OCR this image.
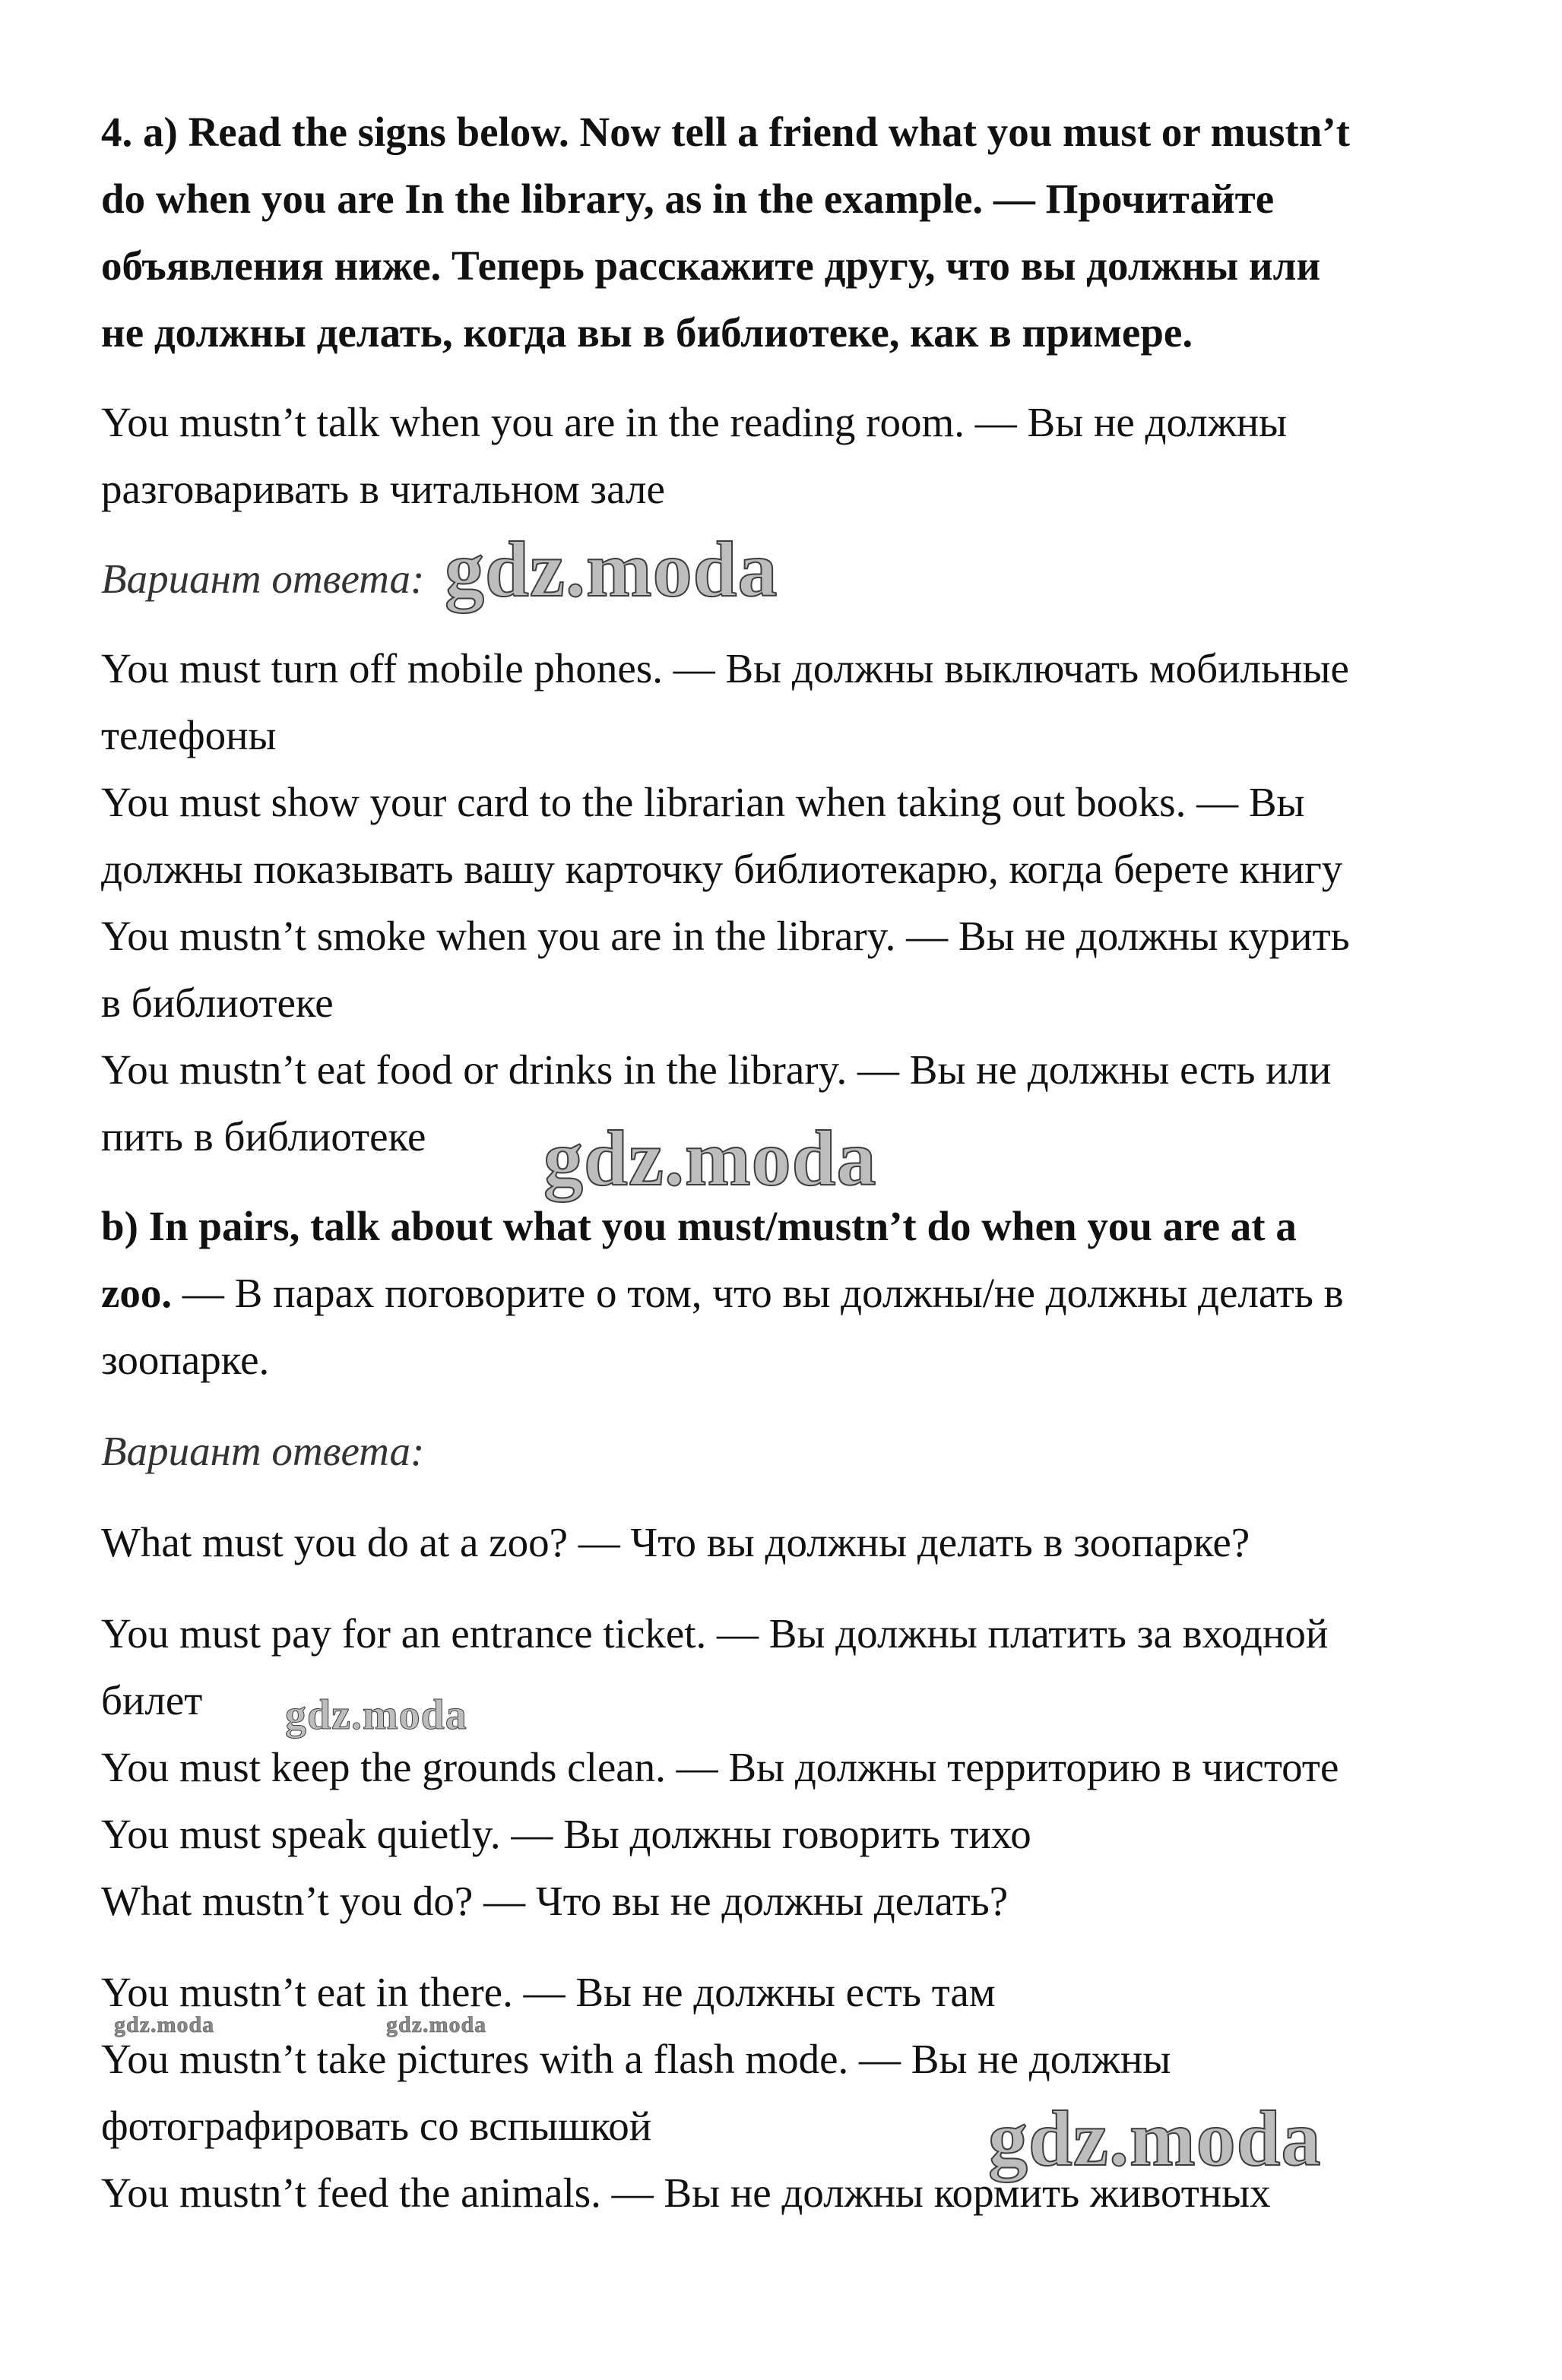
4. a) Read the signs below. Now tell a friend what you must or mustn’t
do when you are In the library, as in the example. — Прочитайте
объявления ниже. Теперь расскажите другу, что вы должны или
не должны делать, когда вы в библиотеке, как в примере.
You mustn’t talk when you are in the reading room. — Вы не должны
разговаривать в читальном зале
Вариант ответа:
You must turn off mobile phones. — Вы должны выключать мобильные
телефоны
You must show your card to the librarian when taking out books. — Вы
должны показывать вашу карточку библиотекарю, когда берете книгу
You mustn’t smoke when you are in the library. — Вы не должны курить
в библиотеке
You mustn’t eat food or drinks in the library. — Вы не должны есть или
пить в библиотеке
b) In pairs, talk about what you must/mustn’t do when you are at a
zoo. — В парах поговорите о том, что вы должны/не должны делать в
зоопарке.
Вариант ответа:
What must you do at a zoo? — Что вы должны делать в зоопарке?
You must pay for an entrance ticket. — Вы должны платить за входной
билет
You must keep the grounds clean. — Вы должны территорию в чистоте
You must speak quietly. — Вы должны говорить тихо
What mustn’t you do? — Что вы не должны делать?
You mustn’t eat in there. — Вы не должны есть там
You mustn’t take pictures with a flash mode. — Вы не должны
фотографировать со вспышкой
You mustn’t feed the animals. — Вы не должны кормить животных
gdz.moda
gdz.moda
gdz.moda
gdz.moda	gdz.moda
gdz.moda
